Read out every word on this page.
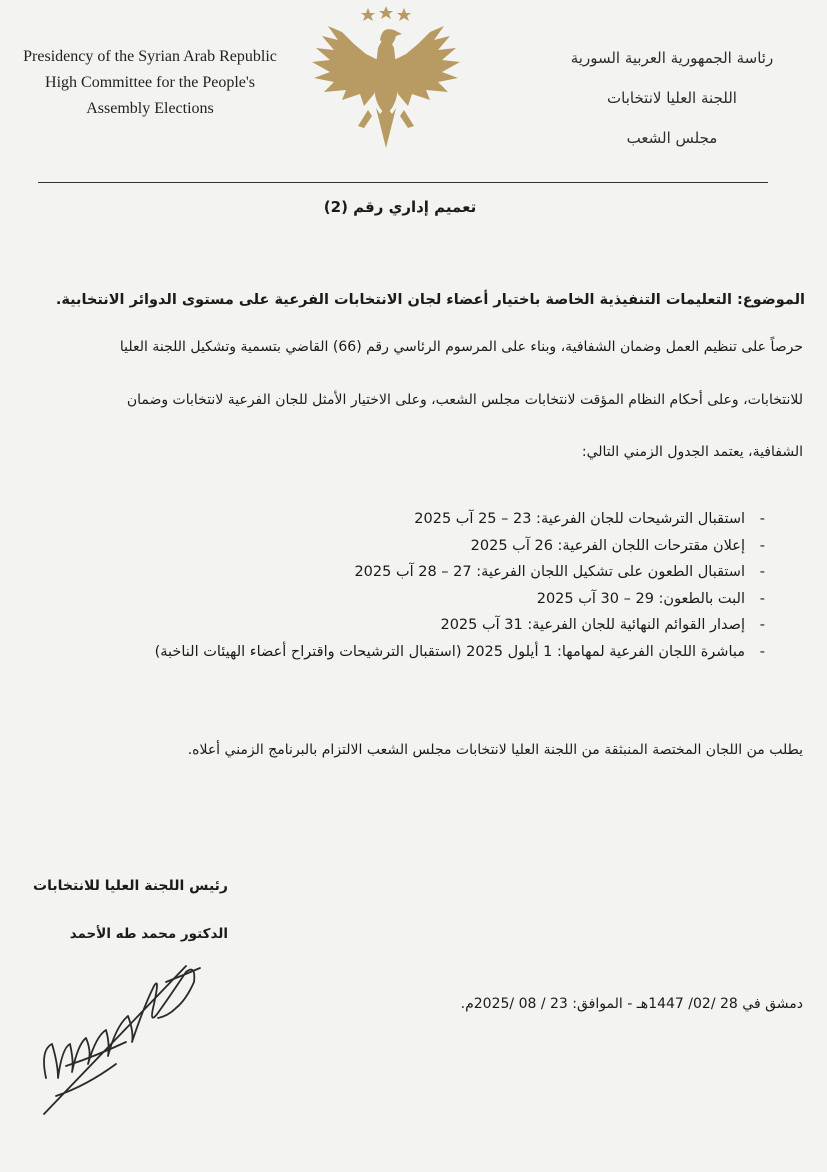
Presidency of the Syrian Arab Republic
High Committee for the People's
Assembly Elections
رئاسة الجمهورية العربية السورية
اللجنة العليا لانتخابات
مجلس الشعب
تعميم إداري رقم (2)
الموضوع: التعليمات التنفيذية الخاصة باختيار أعضاء لجان الانتخابات الفرعية على مستوى الدوائر الانتخابية.
حرصاً على تنظيم العمل وضمان الشفافية، وبناء على المرسوم الرئاسي رقم (66) القاضي بتسمية وتشكيل اللجنة العليا
للانتخابات، وعلى أحكام النظام المؤقت لانتخابات مجلس الشعب، وعلى الاختيار الأمثل للجان الفرعية لانتخابات وضمان
الشفافية، يعتمد الجدول الزمني التالي:
-
استقبال الترشيحات للجان الفرعية: 23 – 25 آب 2025
-
إعلان مقترحات اللجان الفرعية: 26 آب 2025
-
استقبال الطعون على تشكيل اللجان الفرعية: 27 – 28 آب 2025
-
البت بالطعون: 29 – 30 آب 2025
-
إصدار القوائم النهائية للجان الفرعية: 31 آب 2025
-
مباشرة اللجان الفرعية لمهامها: 1 أيلول 2025 (استقبال الترشيحات واقتراح أعضاء الهيئات الناخبة)
يطلب من اللجان المختصة المنبثقة من اللجنة العليا لانتخابات مجلس الشعب الالتزام بالبرنامج الزمني أعلاه.
رئيس اللجنة العليا للانتخابات
الدكتور محمد طه الأحمد
دمشق في 28 /02/ 1447هـ - الموافق: 23 / 08 /2025م.
